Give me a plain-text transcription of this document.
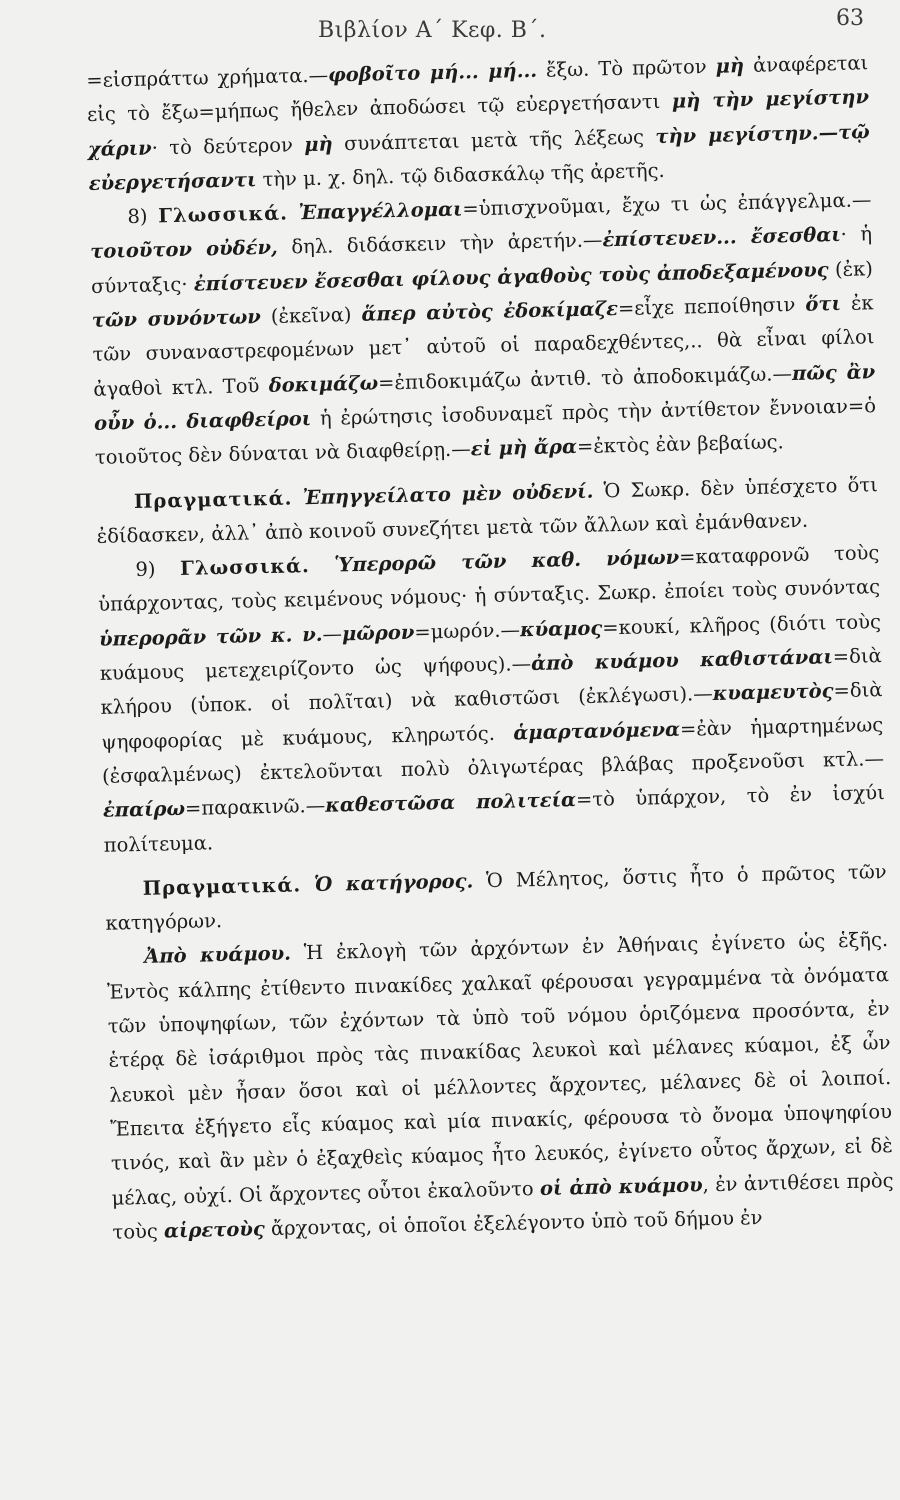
Βιβλίον Α΄ Κεφ. Β΄.	63

=εἰσπράττω χρήματα.—φοβοῖτο μή... μή... ἔξω. Τὸ πρῶτον μὴ ἀναφέρεται εἰς τὸ ἔξω=μήπως ἤθελεν ἀποδώσει τῷ εὐεργετήσαντι μὴ τὴν μεγίστην χάριν· τὸ δεύτερον μὴ συνάπτεται μετὰ τῆς λέξεως τὴν μεγίστην.—τῷ εὐεργετήσαντι τὴν μ. χ. δηλ. τῷ διδασκάλῳ τῆς ἀρετῆς.

8) Γλωσσικά. Ἐπαγγέλλομαι=ὑπισχνοῦμαι, ἔχω τι ὡς ἐπάγγελμα.—τοιοῦτον οὐδέν, δηλ. διδάσκειν τὴν ἀρετήν.—ἐπίστευεν... ἔσεσθαι· ἡ σύνταξις· ἐπίστευεν ἔσεσθαι φίλους ἀγαθοὺς τοὺς ἀποδεξαμένους (ἐκ) τῶν συνόντων (ἐκεῖνα) ἅπερ αὐτὸς ἐδοκίμαζε=εἶχε πεποίθησιν ὅτι ἐκ τῶν συναναστρεφομένων μετ᾽ αὐτοῦ οἱ παραδεχθέντες,.. θὰ εἶναι φίλοι ἀγαθοὶ κτλ. Τοῦ δοκιμάζω=ἐπιδοκιμάζω ἀντιθ. τὸ ἀποδοκιμάζω.—πῶς ἂν οὖν ὁ... διαφθείροι ἡ ἐρώτησις ἰσοδυναμεῖ πρὸς τὴν ἀντίθετον ἔννοιαν=ὁ τοιοῦτος δὲν δύναται νὰ διαφθείρῃ.—εἰ μὴ ἄρα=ἐκτὸς ἐὰν βεβαίως.

Πραγματικά. Ἐπηγγείλατο μὲν οὐδενί. Ὁ Σωκρ. δὲν ὑπέσχετο ὅτι ἐδίδασκεν, ἀλλ᾽ ἀπὸ κοινοῦ συνεζήτει μετὰ τῶν ἄλλων καὶ ἐμάνθανεν.

9) Γλωσσικά. Ὑπερορῶ τῶν καθ. νόμων=καταφρονῶ τοὺς ὑπάρχοντας, τοὺς κειμένους νόμους· ἡ σύνταξις. Σωκρ. ἐποίει τοὺς συνόντας ὑπερορᾶν τῶν κ. ν.—μῶρον=μωρόν.—κύαμος=κουκί, κλῆρος (διότι τοὺς κυάμους μετεχειρίζοντο ὡς ψήφους).—ἀπὸ κυάμου καθιστάναι=διὰ κλήρου (ὑποκ. οἱ πολῖται) νὰ καθιστῶσι (ἐκλέγωσι).—κυαμευτὸς=διὰ ψηφοφορίας μὲ κυάμους, κληρωτός. ἁμαρτανόμενα=ἐὰν ἡμαρτημένως (ἐσφαλμένως) ἐκτελοῦνται πολὺ ὀλιγωτέρας βλάβας προξενοῦσι κτλ.—ἐπαίρω=παρακινῶ.—καθεστῶσα πολιτεία=τὸ ὑπάρχον, τὸ ἐν ἰσχύι πολίτευμα.

Πραγματικά. Ὁ κατήγορος. Ὁ Μέλητος, ὅστις ἦτο ὁ πρῶτος τῶν κατηγόρων.

Ἀπὸ κυάμου. Ἡ ἐκλογὴ τῶν ἀρχόντων ἐν Ἀθήναις ἐγίνετο ὡς ἑξῆς. Ἐντὸς κάλπης ἐτίθεντο πινακίδες χαλκαῖ φέρουσαι γεγραμμένα τὰ ὀνόματα τῶν ὑποψηφίων, τῶν ἐχόντων τὰ ὑπὸ τοῦ νόμου ὁριζόμενα προσόντα, ἐν ἑτέρᾳ δὲ ἰσάριθμοι πρὸς τὰς πινακίδας λευκοὶ καὶ μέλανες κύαμοι, ἐξ ὧν λευκοὶ μὲν ἦσαν ὅσοι καὶ οἱ μέλλοντες ἄρχοντες, μέλανες δὲ οἱ λοιποί. Ἔπειτα ἐξήγετο εἷς κύαμος καὶ μία πινακίς, φέρουσα τὸ ὄνομα ὑποψηφίου τινός, καὶ ἂν μὲν ὁ ἐξαχθεὶς κύαμος ἦτο λευκός, ἐγίνετο οὗτος ἄρχων, εἰ δὲ μέλας, οὐχί. Οἱ ἄρχοντες οὗτοι ἐκαλοῦντο οἱ ἀπὸ κυάμου, ἐν ἀντιθέσει πρὸς τοὺς αἱρετοὺς ἄρχοντας, οἱ ὁποῖοι ἐξελέγοντο ὑπὸ τοῦ δήμου ἐν
